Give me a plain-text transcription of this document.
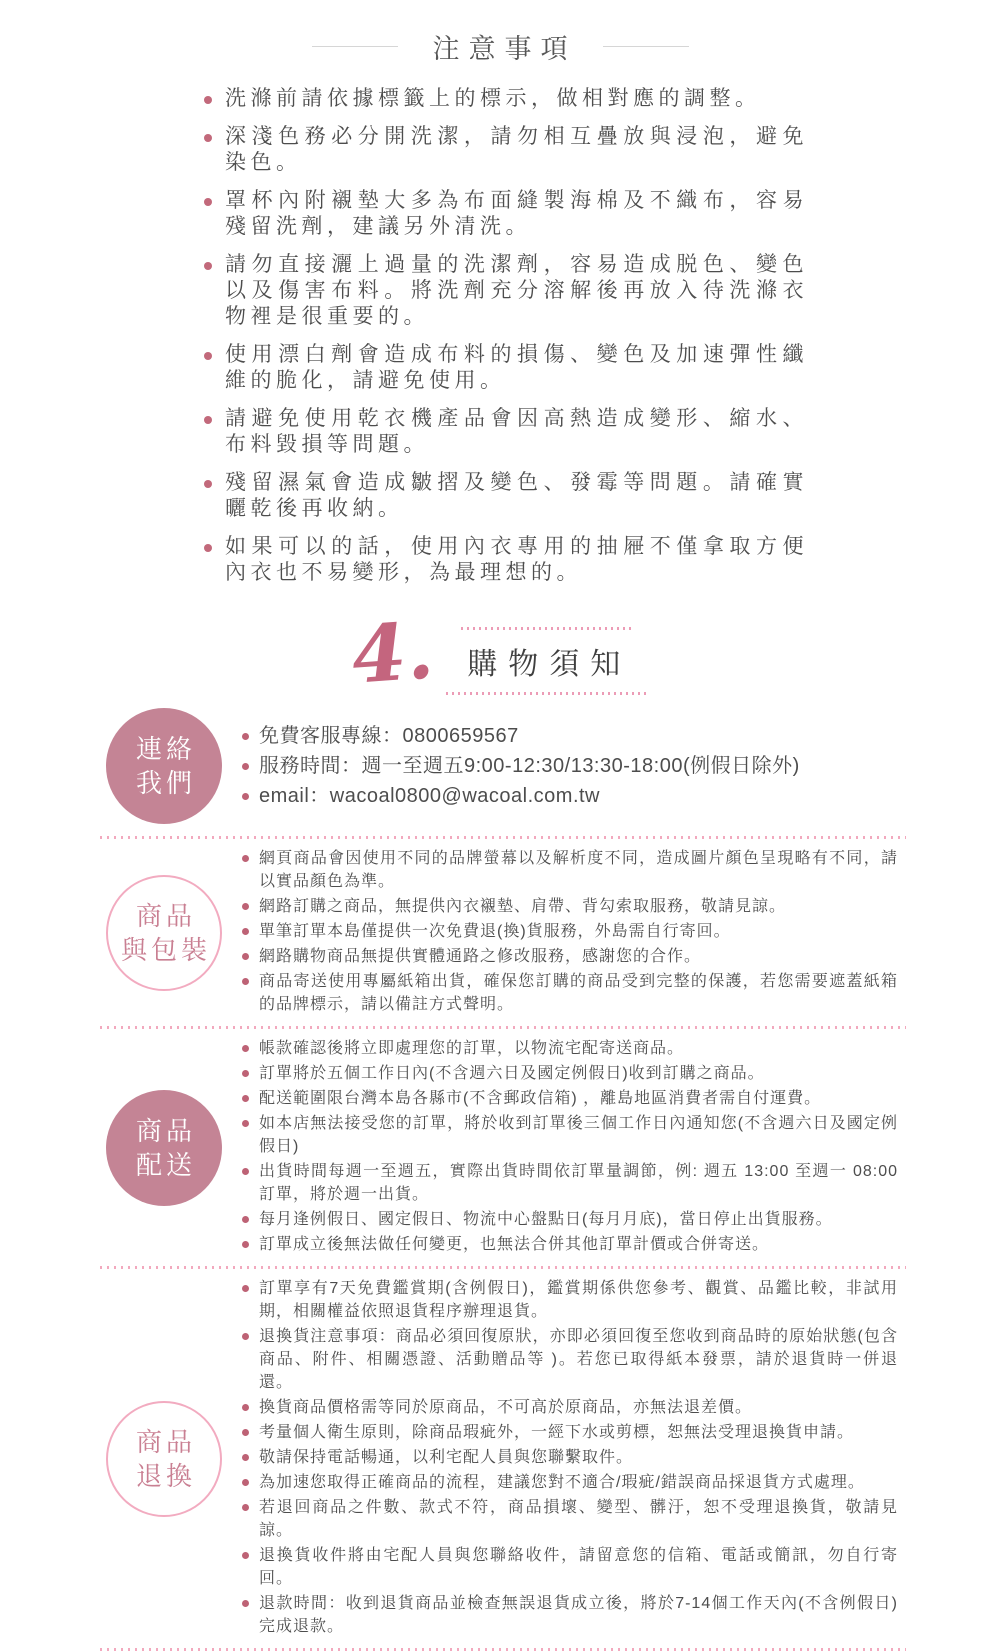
注意事項
洗滌前請依據標籤上的標示，做相對應的調整。
深淺色務必分開洗潔，請勿相互疊放與浸泡，避免染色。
罩杯內附襯墊大多為布面縫製海棉及不織布，容易殘留洗劑，建議另外清洗。
請勿直接灑上過量的洗潔劑，容易造成脱色、變色以及傷害布料。將洗劑充分溶解後再放入待洗滌衣物裡是很重要的。
使用漂白劑會造成布料的損傷、變色及加速彈性纖維的脆化，請避免使用。
請避免使用乾衣機產品會因高熱造成變形、縮水、布料毀損等問題。
殘留濕氣會造成皺摺及變色、發霉等問題。請確實曬乾後再收納。
如果可以的話，使用內衣專用的抽屜不僅拿取方便內衣也不易變形，為最理想的。
4. 購物須知
連絡
我們
免費客服專線：0800659567
服務時間：週一至週五9:00-12:30/13:30-18:00(例假日除外)
email：wacoal0800@wacoal.com.tw
商品
與包裝
網頁商品會因使用不同的品牌螢幕以及解析度不同，造成圖片顏色呈現略有不同，請以實品顏色為準。
網路訂購之商品，無提供內衣襯墊、肩帶、背勾索取服務，敬請見諒。
單筆訂單本島僅提供一次免費退(換)貨服務，外島需自行寄回。
網路購物商品無提供實體通路之修改服務，感謝您的合作。
商品寄送使用專屬紙箱出貨，確保您訂購的商品受到完整的保護，若您需要遮蓋紙箱的品牌標示，請以備註方式聲明。
商品
配送
帳款確認後將立即處理您的訂單，以物流宅配寄送商品。
訂單將於五個工作日內(不含週六日及國定例假日)收到訂購之商品。
配送範圍限台灣本島各縣市(不含郵政信箱) ，離島地區消費者需自付運費。
如本店無法接受您的訂單，將於收到訂單後三個工作日內通知您(不含週六日及國定例假日)
出貨時間每週一至週五，實際出貨時間依訂單量調節，例: 週五 13:00 至週一 08:00 訂單，將於週一出貨。
每月逢例假日、國定假日、物流中心盤點日(每月月底)，當日停止出貨服務。
訂單成立後無法做任何變更，也無法合併其他訂單計價或合併寄送。
商品
退換
訂單享有7天免費鑑賞期(含例假日)，鑑賞期係供您參考、觀賞、品鑑比較，非試用期，相關權益依照退貨程序辦理退貨。
退換貨注意事項：商品必須回復原狀，亦即必須回復至您收到商品時的原始狀態(包含商品、附件、相關憑證、活動贈品等 )。若您已取得紙本發票，請於退貨時一併退還。
換貨商品價格需等同於原商品，不可高於原商品，亦無法退差價。
考量個人衛生原則，除商品瑕疵外，一經下水或剪標，恕無法受理退換貨申請。
敬請保持電話暢通，以利宅配人員與您聯繫取件。
為加速您取得正確商品的流程，建議您對不適合/瑕疵/錯誤商品採退貨方式處理。
若退回商品之件數、款式不符，商品損壞、變型、髒汙，恕不受理退換貨，敬請見諒。
退換貨收件將由宅配人員與您聯絡收件，請留意您的信箱、電話或簡訊，勿自行寄回。
退款時間：收到退貨商品並檢查無誤退貨成立後，將於7-14個工作天內(不含例假日)完成退款。
